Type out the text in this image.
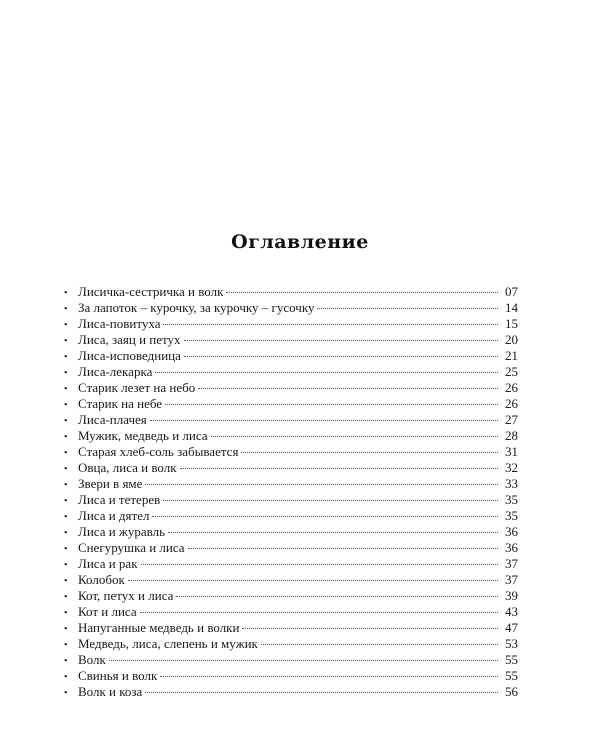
Оглавление
• Лисичка-сестричка и волк	07
• За лапоток – курочку, за курочку – гусочку	14
• Лиса-повитуха	15
• Лиса, заяц и петух	20
• Лиса-исповедница	21
• Лиса-лекарка	25
• Старик лезет на небо	26
• Старик на небе	26
• Лиса-плачея	27
• Мужик, медведь и лиса	28
• Старая хлеб-соль забывается	31
• Овца, лиса и волк	32
• Звери в яме	33
• Лиса и тетерев	35
• Лиса и дятел	35
• Лиса и журавль	36
• Снегурушка и лиса	36
• Лиса и рак	37
• Колобок	37
• Кот, петух и лиса	39
• Кот и лиса	43
• Напуганные медведь и волки	47
• Медведь, лиса, слепень и мужик	53
• Волк	55
• Свинья и волк	55
• Волк и коза	56
